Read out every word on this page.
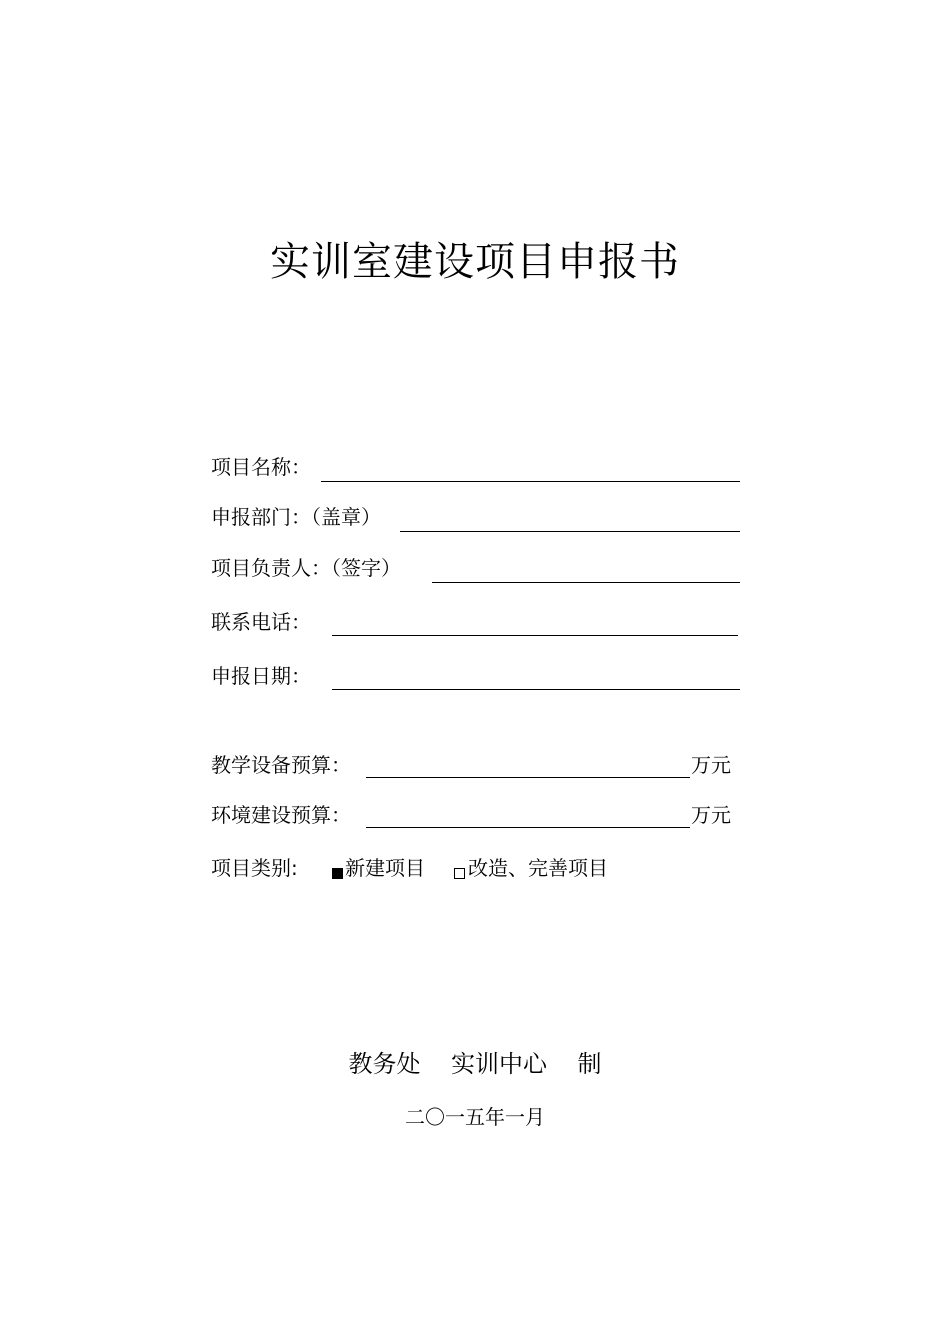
实训室建设项目申报书
项目名称：
申报部门：（盖章）
项目负责人：（签字）
联系电话：
申报日期：
教学设备预算：	万元
环境建设预算：	万元
项目类别: 新建项目 改造、完善项目
教务处    实训中心    制
二〇一五年一月
